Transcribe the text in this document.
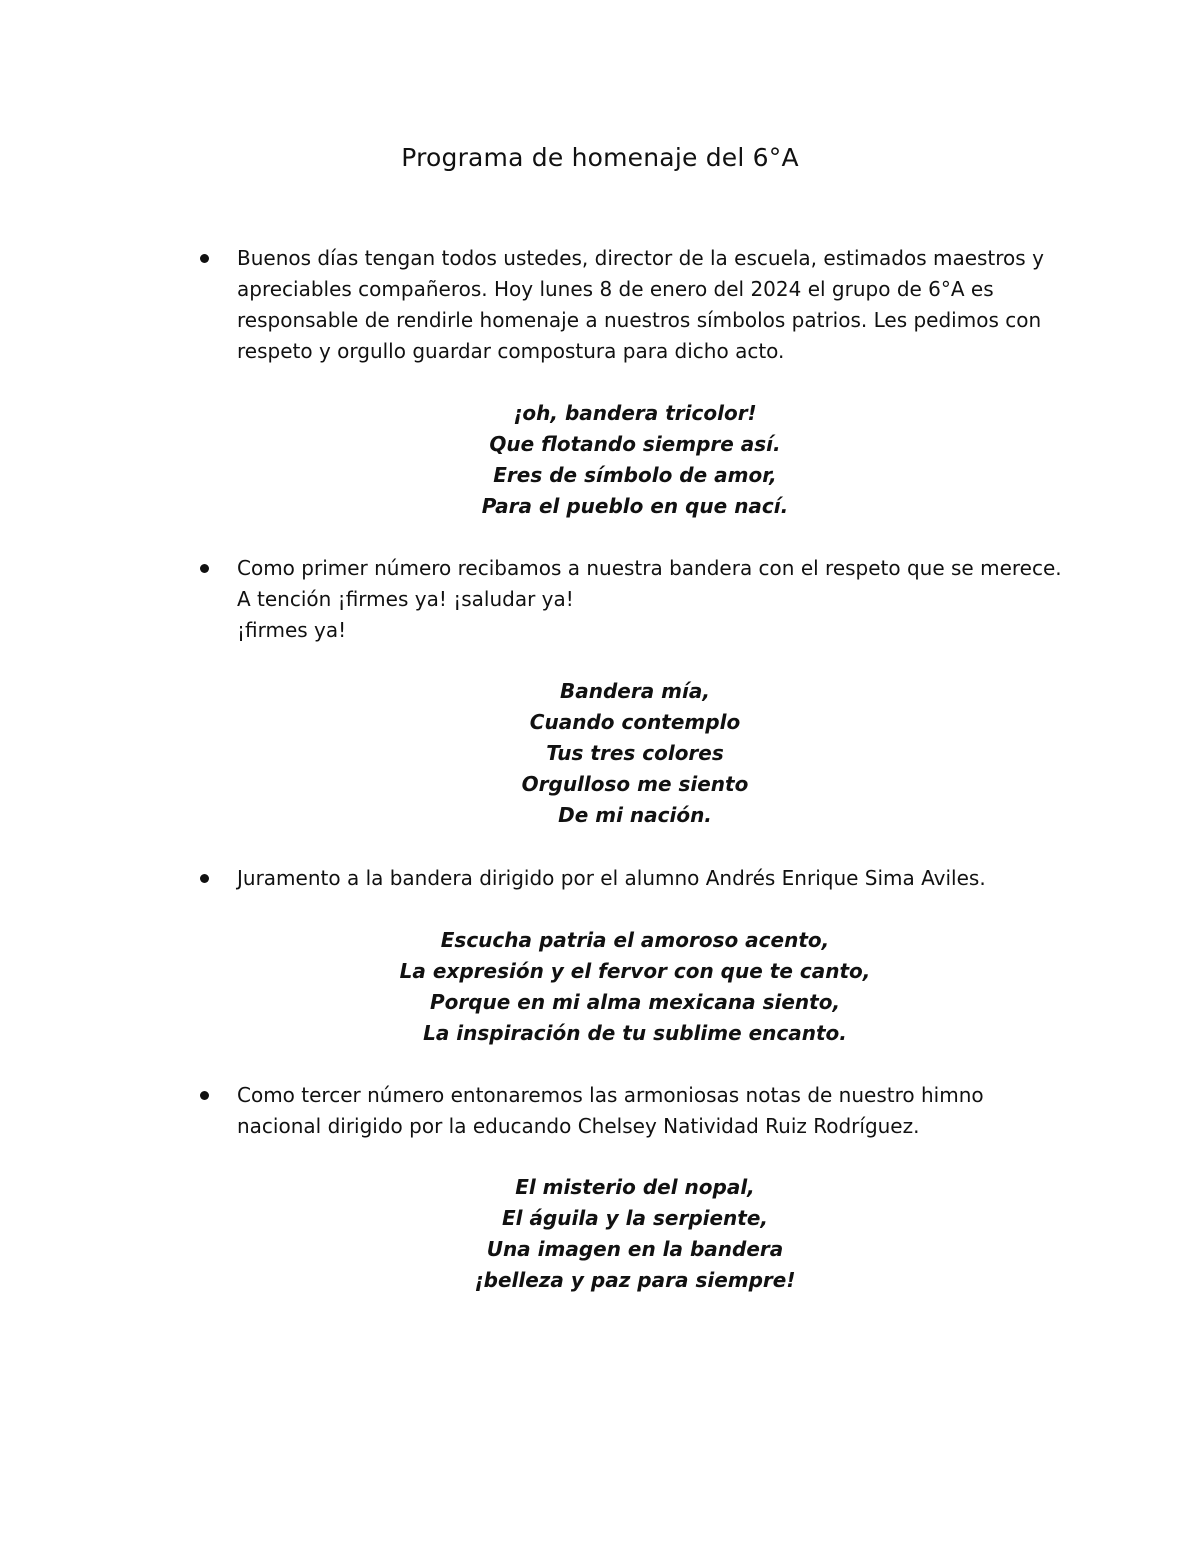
Programa de homenaje del 6°A
Buenos días tengan todos ustedes, director de la escuela, estimados maestros y
apreciables compañeros. Hoy lunes 8 de enero del 2024 el grupo de 6°A es
responsable de rendirle homenaje a nuestros símbolos patrios. Les pedimos con
respeto y orgullo guardar compostura para dicho acto.
¡oh, bandera tricolor!
Que flotando siempre así.
Eres de símbolo de amor,
Para el pueblo en que nací.
Como primer número recibamos a nuestra bandera con el respeto que se merece.
A tención ¡firmes ya! ¡saludar ya!
¡firmes ya!
Bandera mía,
Cuando contemplo
Tus tres colores
Orgulloso me siento
De mi nación.
Juramento a la bandera dirigido por el alumno Andrés Enrique Sima Aviles.
Escucha patria el amoroso acento,
La expresión y el fervor con que te canto,
Porque en mi alma mexicana siento,
La inspiración de tu sublime encanto.
Como tercer número entonaremos las armoniosas notas de nuestro himno
nacional dirigido por la educando Chelsey Natividad Ruiz Rodríguez.
El misterio del nopal,
El águila y la serpiente,
Una imagen en la bandera
¡belleza y paz para siempre!
